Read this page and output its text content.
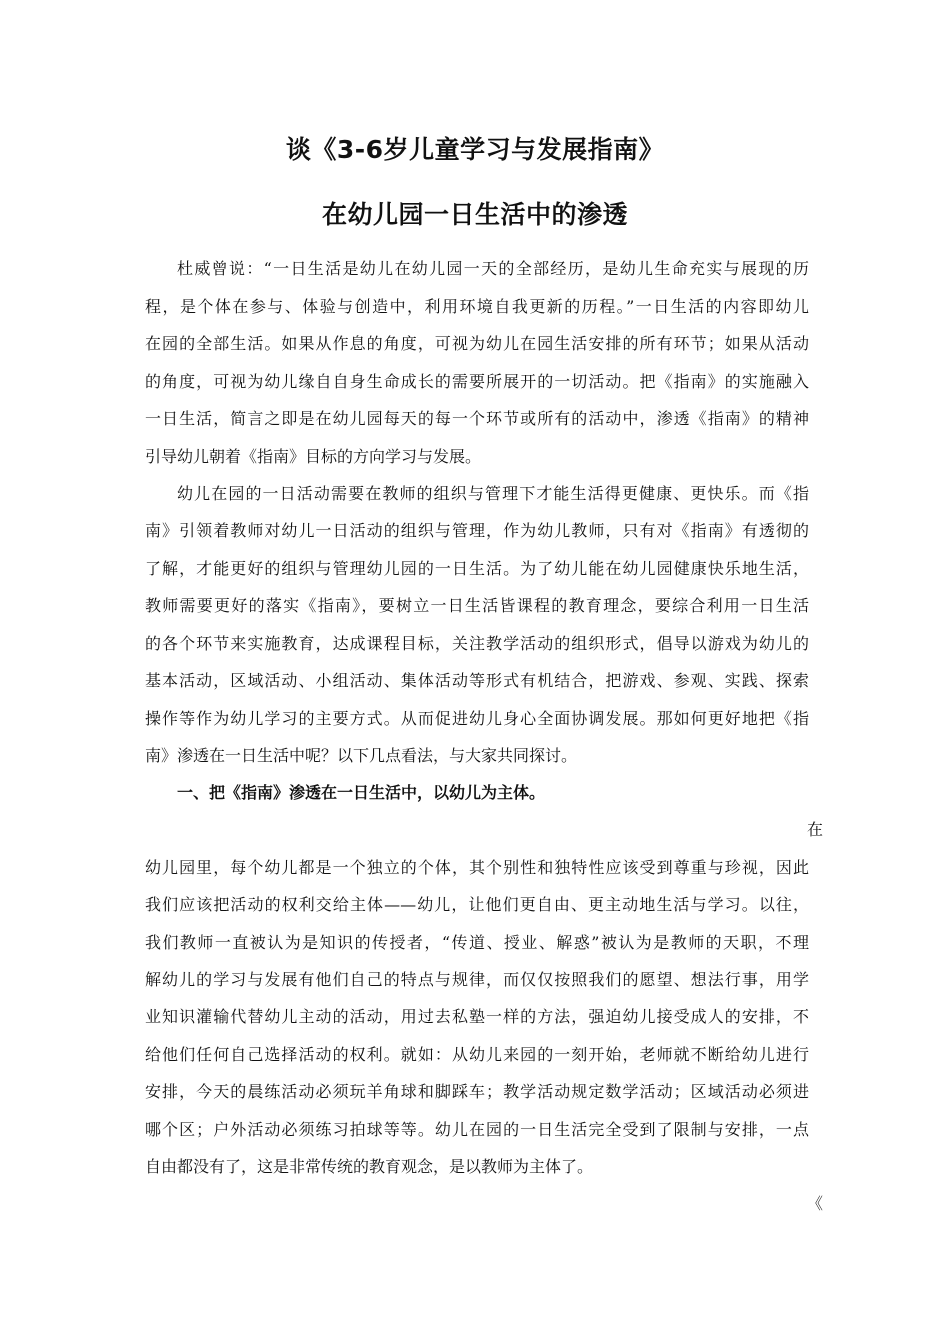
谈《3-6岁儿童学习与发展指南》
在幼儿园一日生活中的渗透
杜威曾说：“一日生活是幼儿在幼儿园一天的全部经历，是幼儿生命充实与展现的历
程，是个体在参与、体验与创造中，利用环境自我更新的历程。”一日生活的内容即幼儿
在园的全部生活。如果从作息的角度，可视为幼儿在园生活安排的所有环节；如果从活动
的角度，可视为幼儿缘自自身生命成长的需要所展开的一切活动。把《指南》的实施融入
一日生活，简言之即是在幼儿园每天的每一个环节或所有的活动中，渗透《指南》的精神
引导幼儿朝着《指南》目标的方向学习与发展。
幼儿在园的一日活动需要在教师的组织与管理下才能生活得更健康、更快乐。而《指
南》引领着教师对幼儿一日活动的组织与管理，作为幼儿教师，只有对《指南》有透彻的
了解，才能更好的组织与管理幼儿园的一日生活。为了幼儿能在幼儿园健康快乐地生活，
教师需要更好的落实《指南》，要树立一日生活皆课程的教育理念，要综合利用一日生活
的各个环节来实施教育，达成课程目标，关注教学活动的组织形式，倡导以游戏为幼儿的
基本活动，区域活动、小组活动、集体活动等形式有机结合，把游戏、参观、实践、探索
操作等作为幼儿学习的主要方式。从而促进幼儿身心全面协调发展。那如何更好地把《指
南》渗透在一日生活中呢？以下几点看法，与大家共同探讨。
一、把《指南》渗透在一日生活中，以幼儿为主体。
在
幼儿园里，每个幼儿都是一个独立的个体，其个别性和独特性应该受到尊重与珍视，因此
我们应该把活动的权利交给主体——幼儿，让他们更自由、更主动地生活与学习。以往，
我们教师一直被认为是知识的传授者，“传道、授业、解惑”被认为是教师的天职，不理
解幼儿的学习与发展有他们自己的特点与规律，而仅仅按照我们的愿望、想法行事，用学
业知识灌输代替幼儿主动的活动，用过去私塾一样的方法，强迫幼儿接受成人的安排，不
给他们任何自己选择活动的权利。就如：从幼儿来园的一刻开始，老师就不断给幼儿进行
安排，今天的晨练活动必须玩羊角球和脚踩车；教学活动规定数学活动；区域活动必须进
哪个区；户外活动必须练习拍球等等。幼儿在园的一日生活完全受到了限制与安排，一点
自由都没有了，这是非常传统的教育观念，是以教师为主体了。
《
